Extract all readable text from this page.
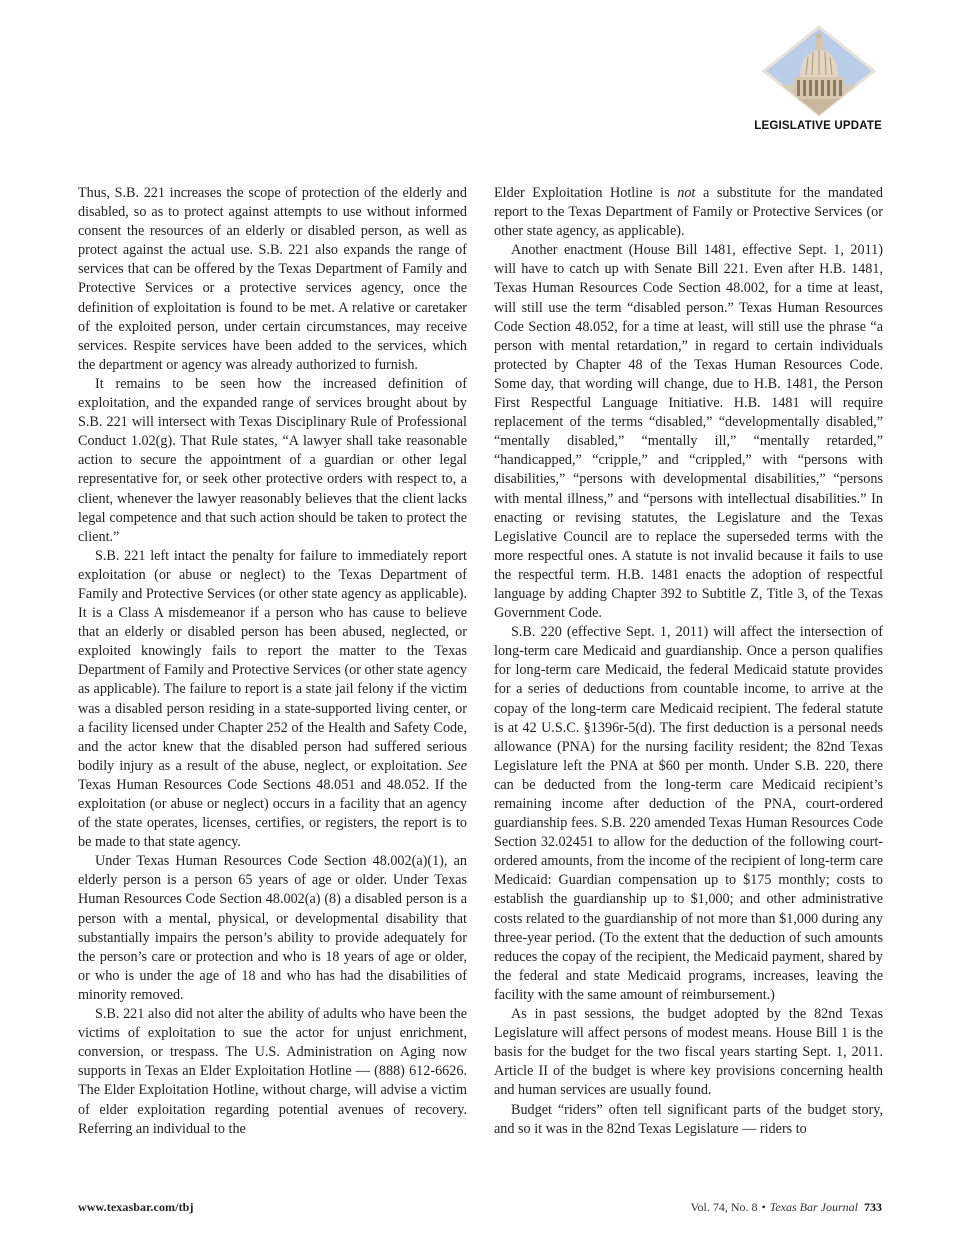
LEGISLATIVE UPDATE

Thus, S.B. 221 increases the scope of protection of the elderly and disabled, so as to protect against attempts to use without informed consent the resources of an elderly or disabled person, as well as protect against the actual use. S.B. 221 also expands the range of services that can be offered by the Texas Department of Family and Protective Services or a protective services agency, once the definition of exploitation is found to be met. A relative or caretaker of the exploited person, under certain circumstances, may receive services. Respite services have been added to the services, which the department or agency was already authorized to furnish.

It remains to be seen how the increased definition of exploitation, and the expanded range of services brought about by S.B. 221 will intersect with Texas Disciplinary Rule of Professional Conduct 1.02(g). That Rule states, “A lawyer shall take reasonable action to secure the appointment of a guardian or other legal representative for, or seek other protective orders with respect to, a client, whenever the lawyer reasonably believes that the client lacks legal competence and that such action should be taken to protect the client.”

S.B. 221 left intact the penalty for failure to immediately report exploitation (or abuse or neglect) to the Texas Department of Family and Protective Services (or other state agency as applicable). It is a Class A misdemeanor if a person who has cause to believe that an elderly or disabled person has been abused, neglected, or exploited knowingly fails to report the matter to the Texas Department of Family and Protective Services (or other state agency as applicable). The failure to report is a state jail felony if the victim was a disabled person residing in a state-supported living center, or a facility licensed under Chapter 252 of the Health and Safety Code, and the actor knew that the disabled person had suffered serious bodily injury as a result of the abuse, neglect, or exploitation. See Texas Human Resources Code Sections 48.051 and 48.052. If the exploitation (or abuse or neglect) occurs in a facility that an agency of the state operates, licenses, certifies, or registers, the report is to be made to that state agency.

Under Texas Human Resources Code Section 48.002(a)(1), an elderly person is a person 65 years of age or older. Under Texas Human Resources Code Section 48.002(a) (8) a disabled person is a person with a mental, physical, or developmental disability that substantially impairs the person’s ability to provide adequately for the person’s care or protection and who is 18 years of age or older, or who is under the age of 18 and who has had the disabilities of minority removed.

S.B. 221 also did not alter the ability of adults who have been the victims of exploitation to sue the actor for unjust enrichment, conversion, or trespass. The U.S. Administration on Aging now supports in Texas an Elder Exploitation Hotline — (888) 612-6626. The Elder Exploitation Hotline, without charge, will advise a victim of elder exploitation regarding potential avenues of recovery. Referring an individual to the

Elder Exploitation Hotline is not a substitute for the mandated report to the Texas Department of Family or Protective Services (or other state agency, as applicable).

Another enactment (House Bill 1481, effective Sept. 1, 2011) will have to catch up with Senate Bill 221. Even after H.B. 1481, Texas Human Resources Code Section 48.002, for a time at least, will still use the term “disabled person.” Texas Human Resources Code Section 48.052, for a time at least, will still use the phrase “a person with mental retardation,” in regard to certain individuals protected by Chapter 48 of the Texas Human Resources Code. Some day, that wording will change, due to H.B. 1481, the Person First Respectful Language Initiative. H.B. 1481 will require replacement of the terms “disabled,” “developmentally disabled,” “mentally disabled,” “mentally ill,” “mentally retarded,” “handicapped,” “cripple,” and “crippled,” with “persons with disabilities,” “persons with developmental disabilities,” “persons with mental illness,” and “persons with intellectual disabilities.” In enacting or revising statutes, the Legislature and the Texas Legislative Council are to replace the superseded terms with the more respectful ones. A statute is not invalid because it fails to use the respectful term. H.B. 1481 enacts the adoption of respectful language by adding Chapter 392 to Subtitle Z, Title 3, of the Texas Government Code.

S.B. 220 (effective Sept. 1, 2011) will affect the intersection of long-term care Medicaid and guardianship. Once a person qualifies for long-term care Medicaid, the federal Medicaid statute provides for a series of deductions from countable income, to arrive at the copay of the long-term care Medicaid recipient. The federal statute is at 42 U.S.C. §1396r-5(d). The first deduction is a personal needs allowance (PNA) for the nursing facility resident; the 82nd Texas Legislature left the PNA at $60 per month. Under S.B. 220, there can be deducted from the long-term care Medicaid recipient’s remaining income after deduction of the PNA, court-ordered guardianship fees. S.B. 220 amended Texas Human Resources Code Section 32.02451 to allow for the deduction of the following court-ordered amounts, from the income of the recipient of long-term care Medicaid: Guardian compensation up to $175 monthly; costs to establish the guardianship up to $1,000; and other administrative costs related to the guardianship of not more than $1,000 during any three-year period. (To the extent that the deduction of such amounts reduces the copay of the recipient, the Medicaid payment, shared by the federal and state Medicaid programs, increases, leaving the facility with the same amount of reimbursement.)

As in past sessions, the budget adopted by the 82nd Texas Legislature will affect persons of modest means. House Bill 1 is the basis for the budget for the two fiscal years starting Sept. 1, 2011. Article II of the budget is where key provisions concerning health and human services are usually found.

Budget “riders” often tell significant parts of the budget story, and so it was in the 82nd Texas Legislature — riders to

www.texasbar.com/tbj	Vol. 74, No. 8 • Texas Bar Journal 733
